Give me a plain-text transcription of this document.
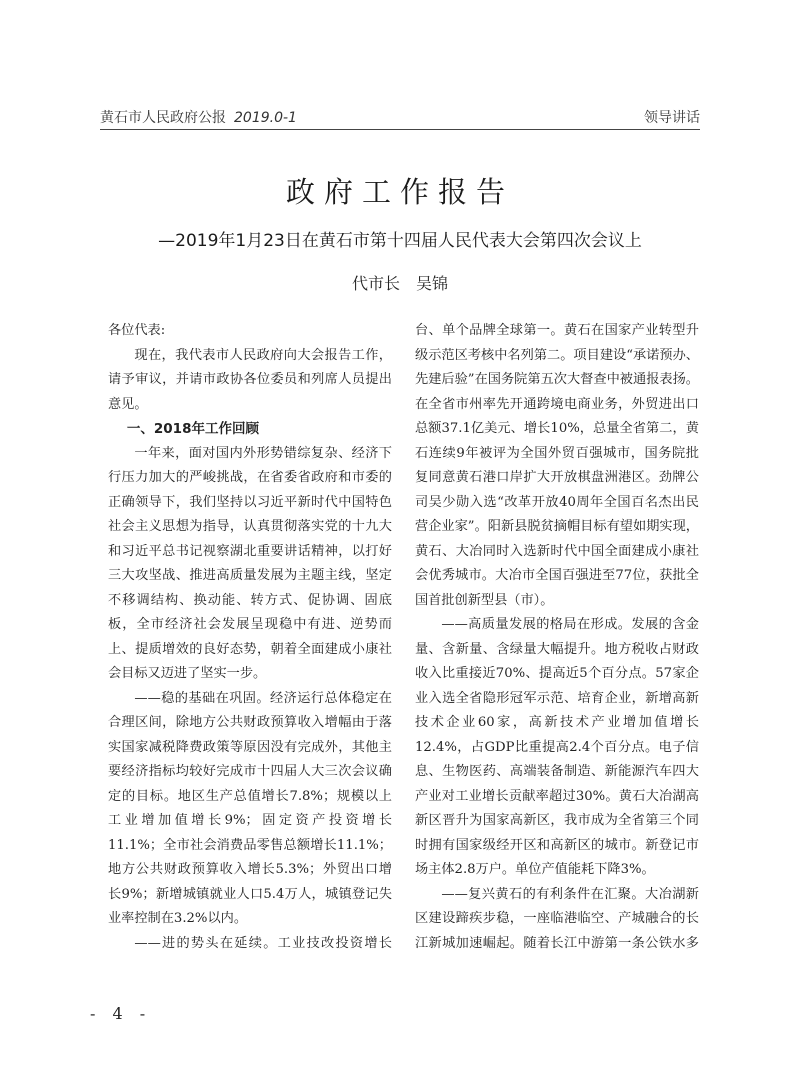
黄石市人民政府公报 2019.0-1	领导讲话
政府工作报告
—2019年1月23日在黄石市第十四届人民代表大会第四次会议上
代市长　吴锦

各位代表:

现在，我代表市人民政府向大会报告工作，请予审议，并请市政协各位委员和列席人员提出意见。

一、2018年工作回顾

一年来，面对国内外形势错综复杂、经济下行压力加大的严峻挑战，在省委省政府和市委的正确领导下，我们坚持以习近平新时代中国特色社会主义思想为指导，认真贯彻落实党的十九大和习近平总书记视察湖北重要讲话精神，以打好三大攻坚战、推进高质量发展为主题主线，坚定不移调结构、换动能、转方式、促协调、固底板，全市经济社会发展呈现稳中有进、逆势而上、提质增效的良好态势，朝着全面建成小康社会目标又迈进了坚实一步。

——稳的基础在巩固。经济运行总体稳定在合理区间，除地方公共财政预算收入增幅由于落实国家减税降费政策等原因没有完成外，其他主要经济指标均较好完成市十四届人大三次会议确定的目标。地区生产总值增长7.8%；规模以上工业增加值增长9%；固定资产投资增长11.1%；全市社会消费品零售总额增长11.1%；地方公共财政预算收入增长5.3%；外贸出口增长9%；新增城镇就业人口5.4万人，城镇登记失业率控制在3.2%以内。

——进的势头在延续。工业技改投资增长

台、单个品牌全球第一。黄石在国家产业转型升级示范区考核中名列第二。项目建设“承诺预办、先建后验”在国务院第五次大督查中被通报表扬。在全省市州率先开通跨境电商业务，外贸进出口总额37.1亿美元、增长10%，总量全省第二，黄石连续9年被评为全国外贸百强城市，国务院批复同意黄石港口岸扩大开放棋盘洲港区。劲牌公司吴少勋入选“改革开放40周年全国百名杰出民营企业家”。阳新县脱贫摘帽目标有望如期实现，黄石、大冶同时入选新时代中国全面建成小康社会优秀城市。大冶市全国百强进至77位，获批全国首批创新型县（市）。

——高质量发展的格局在形成。发展的含金量、含新量、含绿量大幅提升。地方税收占财政收入比重接近70%、提高近5个百分点。57家企业入选全省隐形冠军示范、培育企业，新增高新技术企业60家，高新技术产业增加值增长12.4%，占GDP比重提高2.4个百分点。电子信息、生物医药、高端装备制造、新能源汽车四大产业对工业增长贡献率超过30%。黄石大冶湖高新区晋升为国家高新区，我市成为全省第三个同时拥有国家级经开区和高新区的城市。新登记市场主体2.8万户。单位产值能耗下降3%。

——复兴黄石的有利条件在汇聚。大冶湖新区建设蹄疾步稳，一座临港临空、产城融合的长江新城加速崛起。随着长江中游第一条公铁水多

- 4 -
